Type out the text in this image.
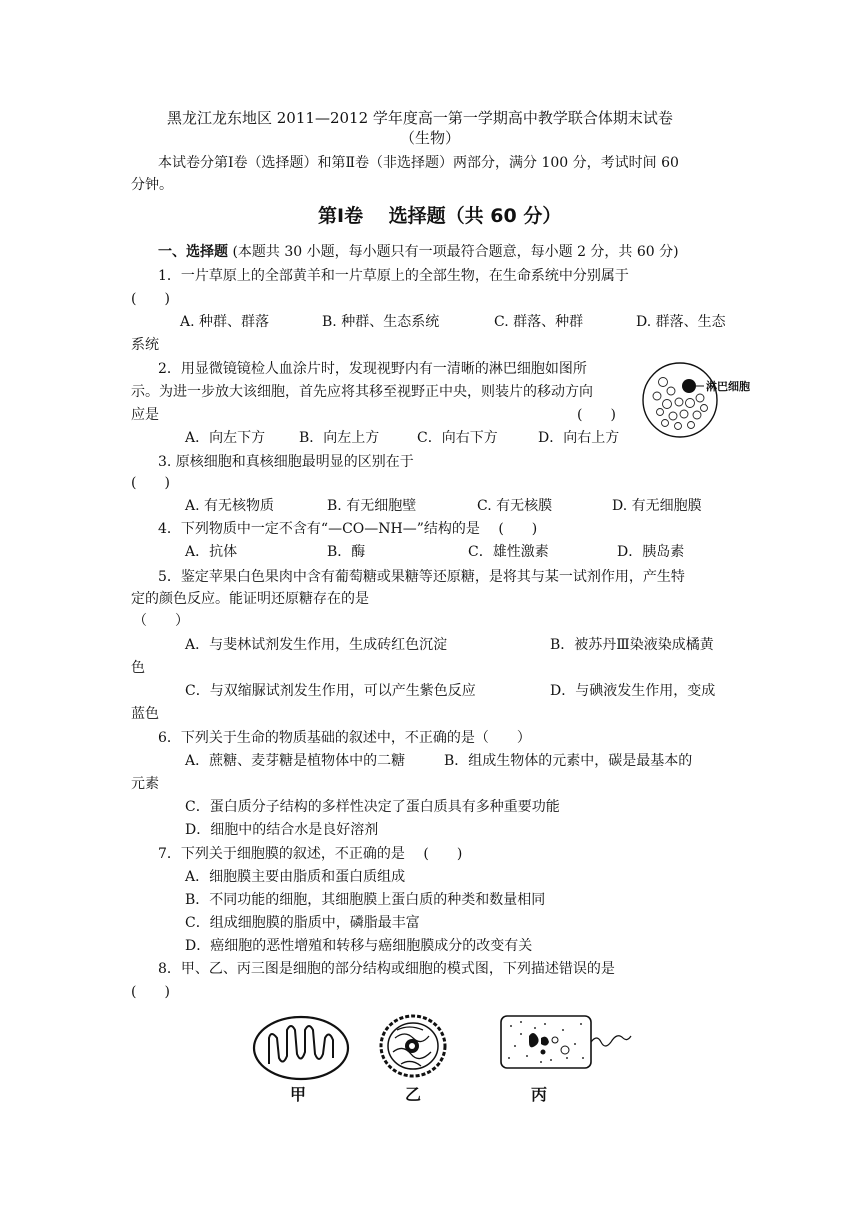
黑龙江龙东地区 2011—2012 学年度高一第一学期高中教学联合体期末试卷
（生物）
本试卷分第Ⅰ卷（选择题）和第Ⅱ卷（非选择题）两部分，满分 100 分，考试时间 60
分钟。
第Ⅰ卷　 选择题（共 60 分）
一、选择题 (本题共 30 小题，每小题只有一项最符合题意，每小题 2 分，共 60 分)
1．一片草原上的全部黄羊和一片草原上的全部生物，在生命系统中分别属于
(　　)
A. 种群、群落	B. 种群、生态系统	C. 群落、种群	D. 群落、生态
系统
2．用显微镜镜检人血涂片时，发现视野内有一清晰的淋巴细胞如图所
示。为进一步放大该细胞，首先应将其移至视野正中央，则装片的移动方向
应是	(　　)
A．向左下方 B．向左上方	C．向右下方	D．向右上方
淋巴细胞
3. 原核细胞和真核细胞最明显的区别在于
(　　)
A. 有无核物质	B. 有无细胞壁	C. 有无核膜	D. 有无细胞膜
4．下列物质中一定不含有“—CO—NH—”结构的是　 (　　)
A．抗体	B．酶	C．雄性激素	D．胰岛素
5．鉴定苹果白色果肉中含有葡萄糖或果糖等还原糖，是将其与某一试剂作用，产生特
定的颜色反应。能证明还原糖存在的是
（　　）
A．与斐林试剂发生作用，生成砖红色沉淀	B．被苏丹Ⅲ染液染成橘黄
色
C．与双缩脲试剂发生作用，可以产生紫色反应	D．与碘液发生作用，变成
蓝色
6．下列关于生命的物质基础的叙述中，不正确的是（　　）
A．蔗糖、麦芽糖是植物体中的二糖	B．组成生物体的元素中，碳是最基本的
元素
C．蛋白质分子结构的多样性决定了蛋白质具有多种重要功能
D．细胞中的结合水是良好溶剂
7．下列关于细胞膜的叙述，不正确的是　 (　　)
A．细胞膜主要由脂质和蛋白质组成
B．不同功能的细胞，其细胞膜上蛋白质的种类和数量相同
C．组成细胞膜的脂质中，磷脂最丰富
D．癌细胞的恶性增殖和转移与癌细胞膜成分的改变有关
8．甲、乙、丙三图是细胞的部分结构或细胞的模式图，下列描述错误的是
(　　)
甲	乙	丙
